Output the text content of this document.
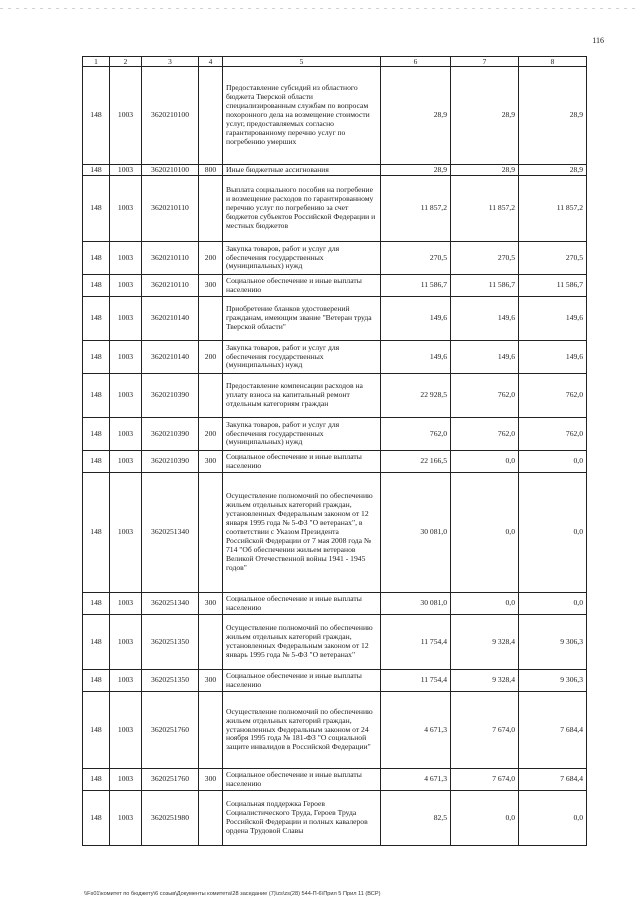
116
1	2	3	4	5	6	7	8
148	1003	3620210100		Предоставление субсидий из областного бюджета Тверской области специализированным службам по вопросам похоронного дела на возмещение стоимости услуг, предоставляемых согласно гарантированному перечню услуг по погребению умерших	28,9	28,9	28,9
148	1003	3620210100	800	Иные бюджетные ассигнования	28,9	28,9	28,9
148	1003	3620210110		Выплата социального пособия на погребение и возмещение расходов по гарантированному перечню услуг по погребению за счет бюджетов субъектов Российской Федерации и местных бюджетов	11 857,2	11 857,2	11 857,2
148	1003	3620210110	200	Закупка товаров, работ и услуг для обеспечения государственных (муниципальных) нужд	270,5	270,5	270,5
148	1003	3620210110	300	Социальное обеспечение и иные выплаты населению	11 586,7	11 586,7	11 586,7
148	1003	3620210140		Приобретение бланков удостоверений гражданам, имеющим звание "Ветеран труда Тверской области"	149,6	149,6	149,6
148	1003	3620210140	200	Закупка товаров, работ и услуг для обеспечения государственных (муниципальных) нужд	149,6	149,6	149,6
148	1003	3620210390		Предоставление компенсации расходов на уплату взноса на капитальный ремонт отдельным категориям граждан	22 928,5	762,0	762,0
148	1003	3620210390	200	Закупка товаров, работ и услуг для обеспечения государственных (муниципальных) нужд	762,0	762,0	762,0
148	1003	3620210390	300	Социальное обеспечение и иные выплаты населению	22 166,5	0,0	0,0
148	1003	3620251340		Осуществление полномочий по обеспечению жильем отдельных категорий граждан, установленных Федеральным законом от 12 января 1995 года № 5-ФЗ "О ветеранах", в соответствии с Указом Президента Российской Федерации от 7 мая 2008 года № 714 "Об обеспечении жильем ветеранов Великой Отечественной войны 1941 - 1945 годов"	30 081,0	0,0	0,0
148	1003	3620251340	300	Социальное обеспечение и иные выплаты населению	30 081,0	0,0	0,0
148	1003	3620251350		Осуществление полномочий по обеспечению жильем отдельных категорий граждан, установленных Федеральным законом от 12 январь 1995 года № 5-ФЗ "О ветеранах"	11 754,4	9 328,4	9 306,3
148	1003	3620251350	300	Социальное обеспечение и иные выплаты населению	11 754,4	9 328,4	9 306,3
148	1003	3620251760		Осуществление полномочий по обеспечению жильем отдельных категорий граждан, установленных Федеральным законом от 24 ноября 1995 года № 181-ФЗ "О социальной защите инвалидов в Российской Федерации"	4 671,3	7 674,0	7 684,4
148	1003	3620251760	300	Социальное обеспечение и иные выплаты населению	4 671,3	7 674,0	7 684,4
148	1003	3620251980		Социальная поддержка Героев Социалистического Труда, Героев Труда Российской Федерации и полных кавалеров ордена Трудовой Славы	82,5	0,0	0,0
\\Fs01\комитет по бюджету\6 созыв\Документы комитета\28 заседание (7)\zs\zs(28) 544-П-6\Прил 5 Прил 11 (ВСР)
